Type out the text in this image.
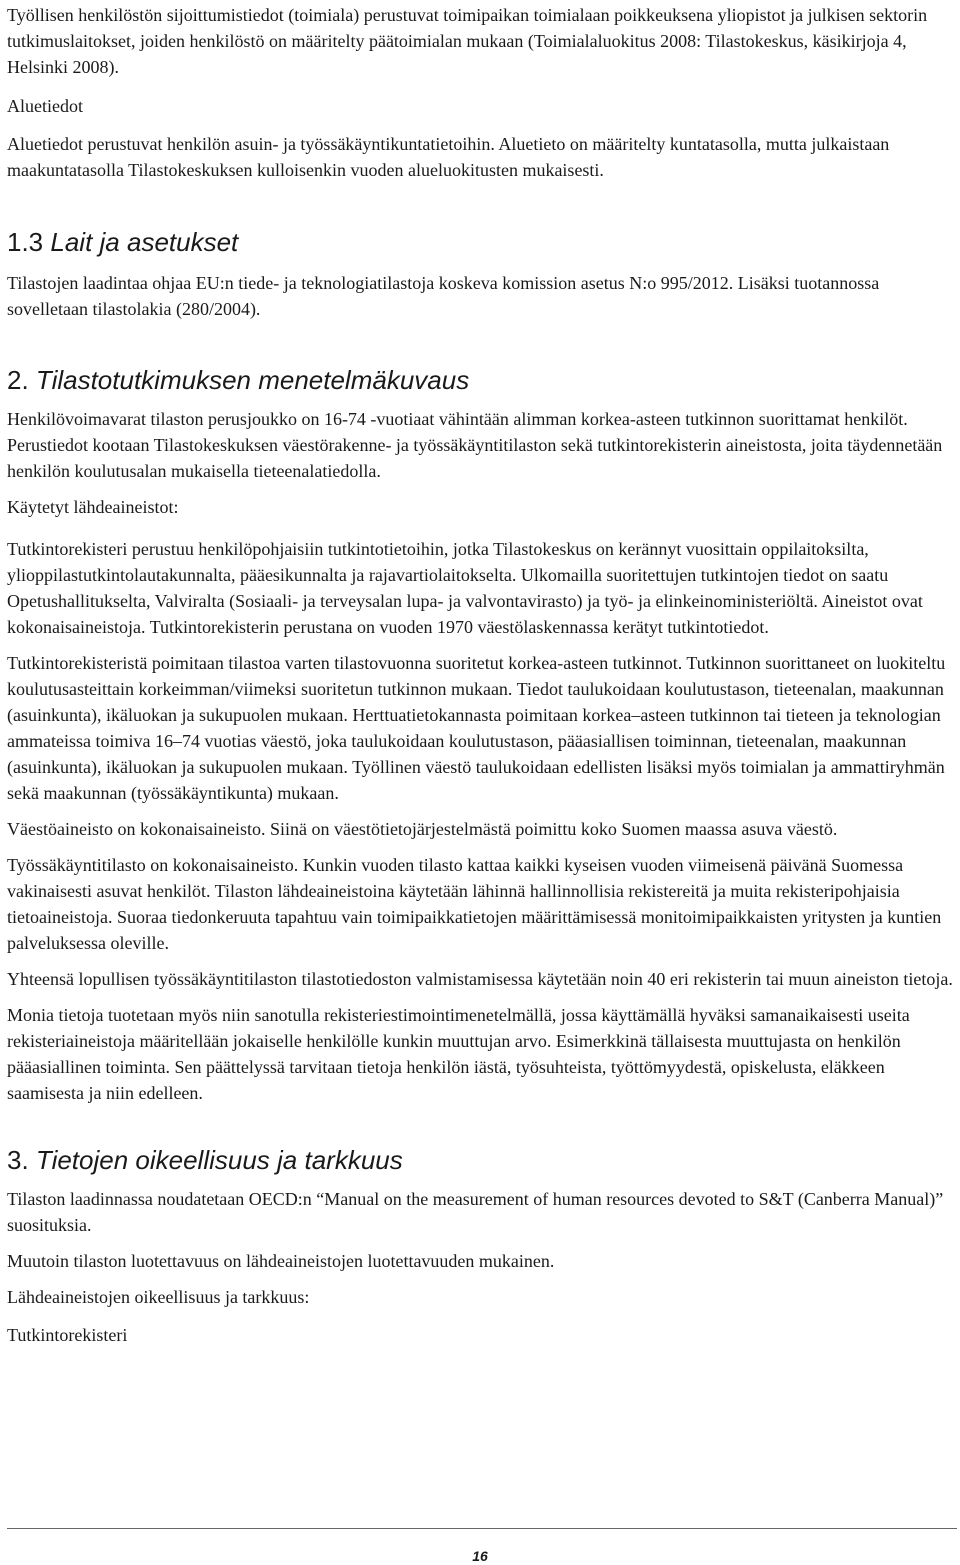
Työllisen henkilöstön sijoittumistiedot (toimiala) perustuvat toimipaikan toimialaan poikkeuksena yliopistot ja julkisen sektorin tutkimuslaitokset, joiden henkilöstö on määritelty päätoimialan mukaan (Toimialaluokitus 2008: Tilastokeskus, käsikirjoja 4, Helsinki 2008).

Aluetiedot

Aluetiedot perustuvat henkilön asuin- ja työssäkäyntikuntatietoihin. Aluetieto on määritelty kuntatasolla, mutta julkaistaan maakuntatasolla Tilastokeskuksen kulloisenkin vuoden alueluokitusten mukaisesti.

1.3 Lait ja asetukset

Tilastojen laadintaa ohjaa EU:n tiede- ja teknologiatilastoja koskeva komission asetus N:o 995/2012. Lisäksi tuotannossa sovelletaan tilastolakia (280/2004).

2. Tilastotutkimuksen menetelmäkuvaus

Henkilövoimavarat tilaston perusjoukko on 16-74 -vuotiaat vähintään alimman korkea-asteen tutkinnon suorittamat henkilöt. Perustiedot kootaan Tilastokeskuksen väestörakenne- ja työssäkäyntitilaston sekä tutkintorekisterin aineistosta, joita täydennetään henkilön koulutusalan mukaisella tieteenalatiedolla.

Käytetyt lähdeaineistot:

Tutkintorekisteri perustuu henkilöpohjaisiin tutkintotietoihin, jotka Tilastokeskus on kerännyt vuosittain oppilaitoksilta, ylioppilastutkintolautakunnalta, pääesikunnalta ja rajavartiolaitokselta. Ulkomailla suoritettujen tutkintojen tiedot on saatu Opetushallitukselta, Valviralta (Sosiaali- ja terveysalan lupa- ja valvontavirasto) ja työ- ja elinkeinoministeriöltä. Aineistot ovat kokonaisaineistoja. Tutkintorekisterin perustana on vuoden 1970 väestölaskennassa kerätyt tutkintotiedot.

Tutkintorekisteristä poimitaan tilastoa varten tilastovuonna suoritetut korkea-asteen tutkinnot. Tutkinnon suorittaneet on luokiteltu koulutusasteittain korkeimman/viimeksi suoritetun tutkinnon mukaan. Tiedot taulukoidaan koulutustason, tieteenalan, maakunnan (asuinkunta), ikäluokan ja sukupuolen mukaan. Herttuatietokannasta poimitaan korkea–asteen tutkinnon tai tieteen ja teknologian ammateissa toimiva 16–74 vuotias väestö, joka taulukoidaan koulutustason, pääasiallisen toiminnan, tieteenalan, maakunnan (asuinkunta), ikäluokan ja sukupuolen mukaan. Työllinen väestö taulukoidaan edellisten lisäksi myös toimialan ja ammattiryhmän sekä maakunnan (työssäkäyntikunta) mukaan.

Väestöaineisto on kokonaisaineisto. Siinä on väestötietojärjestelmästä poimittu koko Suomen maassa asuva väestö.

Työssäkäyntitilasto on kokonaisaineisto. Kunkin vuoden tilasto kattaa kaikki kyseisen vuoden viimeisenä päivänä Suomessa vakinaisesti asuvat henkilöt. Tilaston lähdeaineistoina käytetään lähinnä hallinnollisia rekistereitä ja muita rekisteripohjaisia tietoaineistoja. Suoraa tiedonkeruuta tapahtuu vain toimipaikkatietojen määrittämisessä monitoimipaikkaisten yritysten ja kuntien palveluksessa oleville.

Yhteensä lopullisen työssäkäyntitilaston tilastotiedoston valmistamisessa käytetään noin 40 eri rekisterin tai muun aineiston tietoja.

Monia tietoja tuotetaan myös niin sanotulla rekisteriestimointimenetelmällä, jossa käyttämällä hyväksi samanaikaisesti useita rekisteriaineistoja määritellään jokaiselle henkilölle kunkin muuttujan arvo. Esimerkkinä tällaisesta muuttujasta on henkilön pääasiallinen toiminta. Sen päättelyssä tarvitaan tietoja henkilön iästä, työsuhteista, työttömyydestä, opiskelusta, eläkkeen saamisesta ja niin edelleen.

3. Tietojen oikeellisuus ja tarkkuus

Tilaston laadinnassa noudatetaan OECD:n “Manual on the measurement of human resources devoted to S&T (Canberra Manual)” suosituksia.

Muutoin tilaston luotettavuus on lähdeaineistojen luotettavuuden mukainen.

Lähdeaineistojen oikeellisuus ja tarkkuus:

Tutkintorekisteri

16
